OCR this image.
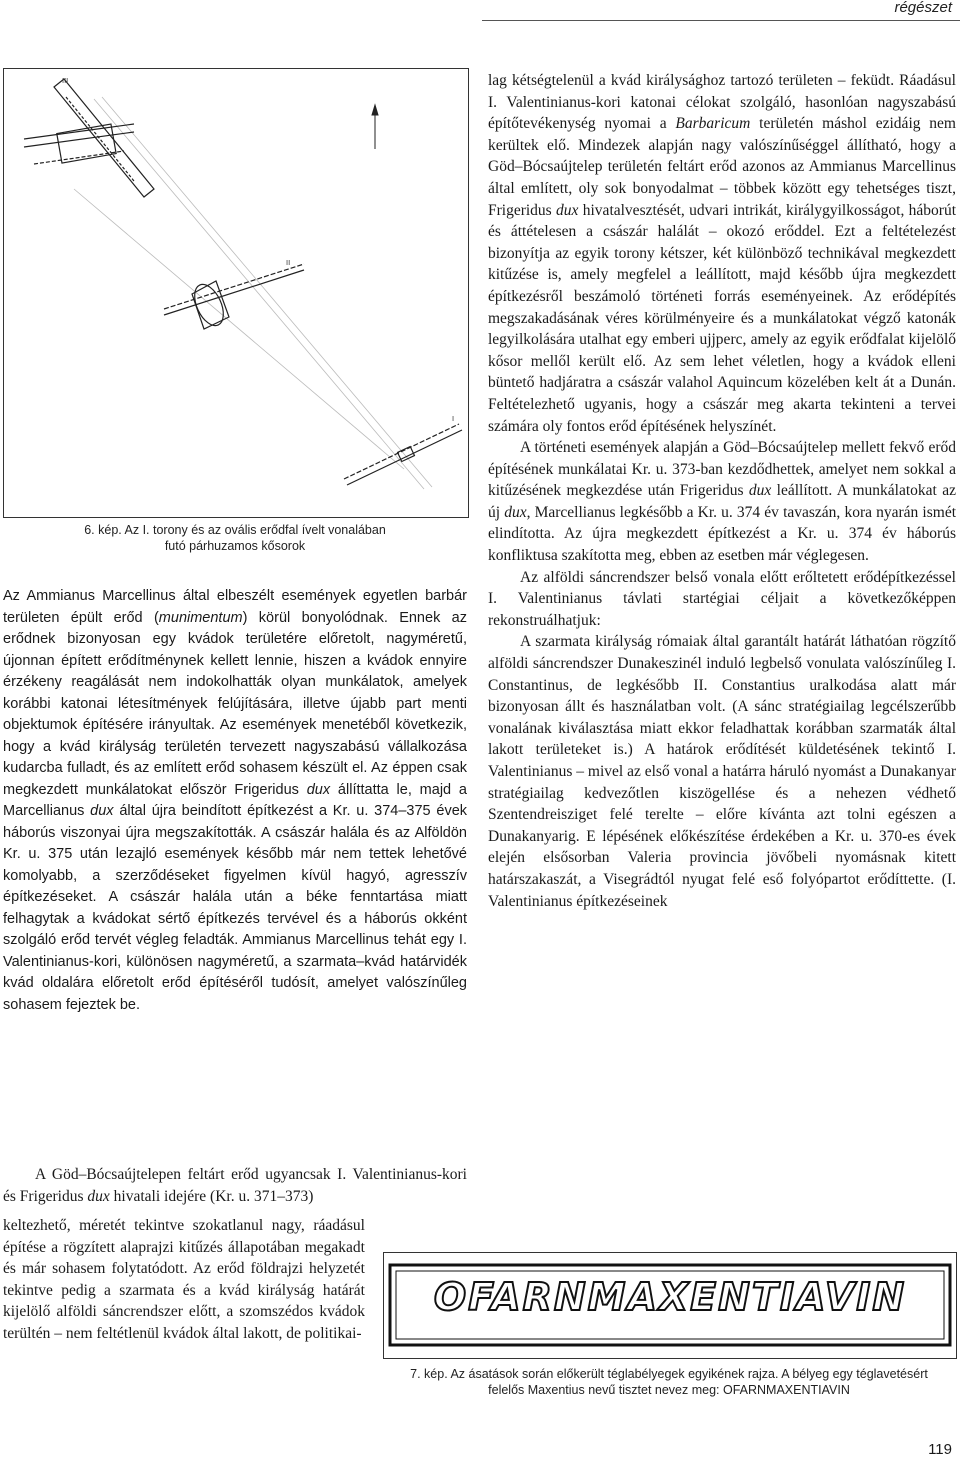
régészet
III
II
I
6. kép. Az I. torony és az ovális erődfal ívelt vonalában
futó párhuzamos kősorok

Az Ammianus Marcellinus által elbeszélt események egyetlen barbár területen épült erőd (munimentum) körül bonyolódnak. Ennek az erődnek bizonyosan egy kvádok területére előretolt, nagyméretű, újonnan épített erődítménynek kellett lennie, hiszen a kvádok ennyire érzékeny reagálását nem indokolhatták olyan munkálatok, amelyek korábbi katonai létesítmények felújítására, illetve újabb part menti objektumok építésére irányultak. Az események menetéből következik, hogy a kvád királyság területén tervezett nagyszabású vállalkozása kudarcba fulladt, és az említett erőd sohasem készült el. Az éppen csak megkezdett munkálatokat először Frigeridus dux állíttatta le, majd a Marcellianus dux által újra beindított építkezést a Kr. u. 374–375 évek háborús viszonyai újra megszakították. A császár halála és az Alföldön Kr. u. 375 után lezajló események később már nem tettek lehetővé komolyabb, a szerződéseket figyelmen kívül hagyó, agresszív építkezéseket. A császár halála után a béke fenntartása miatt felhagytak a kvádokat sértő építkezés tervével és a háborús okként szolgáló erőd tervét végleg feladták. Ammianus Marcellinus tehát egy I. Valentinianus-kori, különösen nagyméretű, a szarmata–kvád határvidék kvád oldalára előretolt erőd építéséről tudósít, amelyet valószínűleg sohasem fejeztek be.

A Göd–Bócsaújtelepen feltárt erőd ugyancsak I. Valentinianus-kori és Frigeridus dux hivatali idejére (Kr. u. 371–373)

keltezhető, méretét tekintve szokatlanul nagy, ráadásul építése a rögzített alaprajzi kitűzés állapotában megakadt és már sohasem folytatódott. Az erőd földrajzi helyzetét tekintve pedig a szarmata és a kvád királyság határát kijelölő alföldi sáncrendszer előtt, a szomszédos kvádok terültén – nem feltétlenül kvádok által lakott, de politikai-

lag kétségtelenül a kvád királysághoz tartozó területen – feküdt. Ráadásul I. Valentinianus-kori katonai célokat szolgáló, hasonlóan nagyszabású építőtevékenység nyomai a Barbaricum területén máshol ezidáig nem kerültek elő. Mindezek alapján nagy valószínűséggel állítható, hogy a Göd–Bócsaújtelep területén feltárt erőd azonos az Ammianus Marcellinus által említett, oly sok bonyodalmat – többek között egy tehetséges tiszt, Frigeridus dux hivatalvesztését, udvari intrikát, királygyilkosságot, háborút és áttételesen a császár halálát – okozó erőddel. Ezt a feltételezést bizonyítja az egyik torony kétszer, két különböző technikával megkezdett kitűzése is, amely megfelel a leállított, majd később újra megkezdett építkezésről beszámoló történeti forrás eseményeinek. Az erődépítés megszakadásának véres körülményeire és a munkálatokat végző katonák legyilkolására utalhat egy emberi ujjperc, amely az egyik erődfalat kijelölő kősor mellől került elő. Az sem lehet véletlen, hogy a kvádok elleni büntető hadjáratra a császár valahol Aquincum közelében kelt át a Dunán. Feltételezhető ugyanis, hogy a császár meg akarta tekinteni a tervei számára oly fontos erőd építésének helyszínét.

A történeti események alapján a Göd–Bócsaújtelep mellett fekvő erőd építésének munkálatai Kr. u. 373-ban kezdődhettek, amelyet nem sokkal a kitűzésének megkezdése után Frigeridus dux leállított. A munkálatokat az új dux, Marcellianus legkésőbb a Kr. u. 374 év tavaszán, kora nyarán ismét elindította. Az újra megkezdett építkezést a Kr. u. 374 év háborús konfliktusa szakította meg, ebben az esetben már véglegesen.

Az alföldi sáncrendszer belső vonala előtt erőltetett erődépítkezéssel I. Valentinianus távlati startégiai céljait a következőképpen rekonstruálhatjuk:

A szarmata királyság rómaiak által garantált határát láthatóan rögzítő alföldi sáncrendszer Dunakeszinél induló legbelső vonulata valószínűleg I. Constantinus, de legkésőbb II. Constantius uralkodása alatt már bizonyosan állt és használatban volt. (A sánc stratégiailag legcélszerűbb vonalának kiválasztása miatt ekkor feladhattak korábban szarmaták által lakott területeket is.) A határok erődítését küldetésének tekintő I. Valentinianus – mivel az első vonal a határra háruló nyomást a Dunakanyar stratégiailag kedvezőtlen kiszögellése és a nehezen védhető Szentendreisziget felé terelte – előre kívánta azt tolni egészen a Dunakanyarig. E lépésének előkészítése érdekében a Kr. u. 370-es évek elején elsősorban Valeria provincia jövőbeli nyomásnak kitett határszakaszát, a Visegrádtól nyugat felé eső folyópartot erődíttette. (I. Valentinianus építkezéseinek

OFARNMAXENTIAVIN
7. kép. Az ásatások során előkerült téglabélyegek egyikének rajza. A bélyeg egy téglavetésért
felelős Maxentius nevű tisztet nevez meg: OFARNMAXENTIAVIN
119
